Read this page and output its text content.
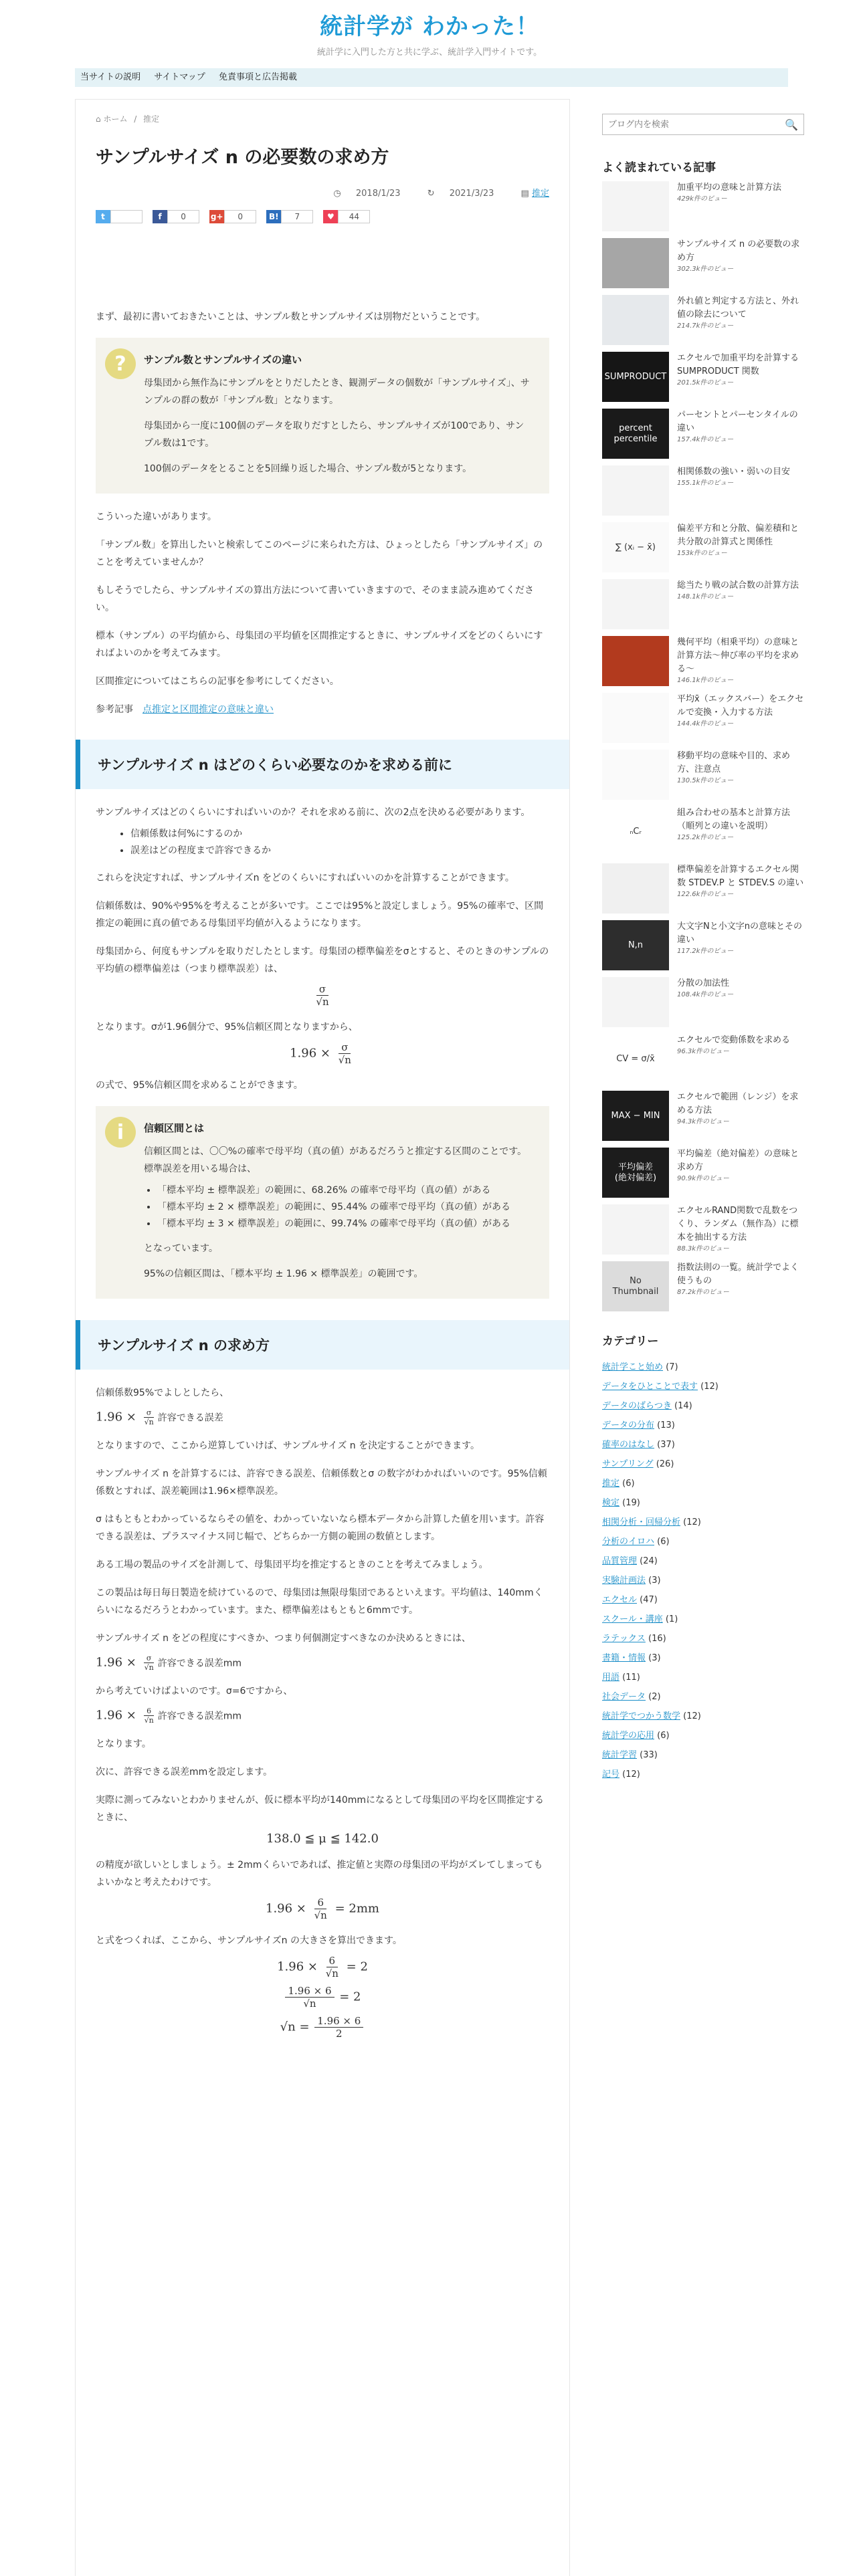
統計学が わかった！
統計学に入門した方と共に学ぶ、統計学入門サイトです。
当サイトの説明 サイトマップ 免責事項と広告掲載
⌂ ホーム / 推定
サンプルサイズ n の必要数の求め方
◷ 2018/1/23	↻ 2021/3/23	▤ 推定
t
	f	0
	g+	0
	B!	7
	♥	44

まず、最初に書いておきたいことは、サンプル数とサンプルサイズは別物だということです。

?	サンプル数とサンプルサイズの違い

母集団から無作為にサンプルをとりだしたとき、観測データの個数が「サンプルサイズ」、サンプルの群の数が「サンプル数」となります。

母集団から一度に100個のデータを取りだすとしたら、サンプルサイズが100であり、サンプル数は1です。

100個のデータをとることを5回繰り返した場合、サンプル数が5となります。

こういった違いがあります。

「サンプル数」を算出したいと検索してこのページに来られた方は、ひょっとしたら「サンプルサイズ」のことを考えていませんか？

もしそうでしたら、サンプルサイズの算出方法について書いていきますので、そのまま読み進めてください。

標本（サンプル）の平均値から、母集団の平均値を区間推定するときに、サンプルサイズをどのくらいにすればよいのかを考えてみます。

区間推定についてはこちらの記事を参考にしてください。

参考記事　 点推定と区間推定の意味と違い

サンプルサイズ n はどのくらい必要なのかを求める前に

サンプルサイズはどのくらいにすればいいのか？それを求める前に、次の2点を決める必要があります。

• 信頼係数は何%にするのか
• 誤差はどの程度まで許容できるか

これらを決定すれば、サンプルサイズn をどのくらいにすればいいのかを計算することができます。

信頼係数は、90%や95%を考えることが多いです。ここでは95%と設定しましょう。95%の確率で、区間推定の範囲に真の値である母集団平均値が入るようになります。

母集団から、何度もサンプルを取りだしたとします。母集団の標準偏差をσとすると、そのときのサンプルの平均値の標準偏差は（つまり標準誤差）は、

$\frac{\sigma}{√n}$

となります。σが1.96個分で、95%信頼区間となりますから、

$1.96 \times \frac{\sigma}{√n}$

の式で、95%信頼区間を求めることができます。

i	信頼区間とは

信頼区間とは、〇〇%の確率で母平均（真の値）があるだろうと推定する区間のことです。標準誤差を用いる場合は、

• 「標本平均 ± 標準誤差」の範囲に、68.26% の確率で母平均（真の値）がある
• 「標本平均 ± 2 × 標準誤差」の範囲に、95.44% の確率で母平均（真の値）がある
• 「標本平均 ± 3 × 標準誤差」の範囲に、99.74% の確率で母平均（真の値）がある

となっています。

95%の信頼区間は、「標本平均 ± 1.96 × 標準誤差」の範囲です。

サンプルサイズ n の求め方

信頼係数95%でよしとしたら、

$1.96 \times \frac{\sigma}{√n}$ 許容できる誤差

となりますので、ここから逆算していけば、サンプルサイズ n を決定することができます。

サンプルサイズ n を計算するには、許容できる誤差、信頼係数とσ の数字がわかればいいのです。95%信頼係数とすれば、誤差範囲は1.96×標準誤差。

σ はもともとわかっているならその値を、わかっていないなら標本データから計算した値を用います。許容できる誤差は、プラスマイナス同じ幅で、どちらか一方側の範囲の数値とします。

ある工場の製品のサイズを計測して、母集団平均を推定するときのことを考えてみましょう。

この製品は毎日毎日製造を続けているので、母集団は無限母集団であるといえます。平均値は、140mmくらいになるだろうとわかっています。また、標準偏差はもともと6mmです。

サンプルサイズ n をどの程度にすべきか、つまり何個測定すべきなのか決めるときには、

$1.96 \times \frac{\sigma}{√n}$ 許容できる誤差mm

から考えていけばよいのです。σ=6ですから、

$1.96 \times \frac{6}{√n}$ 許容できる誤差mm

となります。

次に、許容できる誤差mmを設定します。

実際に測ってみないとわかりませんが、仮に標本平均が140mmになるとして母集団の平均を区間推定するときに、

138.0 ≦ μ ≦ 142.0

の精度が欲しいとしましょう。± 2mmくらいであれば、推定値と実際の母集団の平均がズレてしまってもよいかなと考えたわけです。

$1.96 \times \frac{6}{√n} = 2mm$

と式をつくれば、ここから、サンプルサイズn の大きさを算出できます。

$1.96 \times \frac{6}{√n} = 2$
$\frac{1.96 \times 6}{√n} = 2$
$√n = \frac{1.96 \times 6}{2}$
ブログ内を検索
🔍
よく読まれている記事
加重平均の意味と計算方法
429k件のビュー
サンプルサイズ n の必要数の求め方
302.3k件のビュー
外れ値と判定する方法と、外れ値の除去について
214.7k件のビュー
SUMPRODUCT
エクセルで加重平均を計算する SUMPRODUCT 関数
201.5k件のビュー
percent
percentile
パーセントとパーセンタイルの違い
157.4k件のビュー
相関係数の強い・弱いの目安
155.1k件のビュー
∑ (xᵢ − x̄)
偏差平方和と分散、偏差積和と共分散の計算式と関係性
153k件のビュー
総当たり戦の試合数の計算方法
148.1k件のビュー
幾何平均（相乗平均）の意味と計算方法〜伸び率の平均を求める〜
146.1k件のビュー
平均x̄（エックスバー）をエクセルで変換・入力する方法
144.4k件のビュー
移動平均の意味や目的、求め方、注意点
130.5k件のビュー
ₙCᵣ
組み合わせの基本と計算方法（順列との違いを説明）
125.2k件のビュー
標準偏差を計算するエクセル関数 STDEV.P と STDEV.S の違い
122.6k件のビュー
N,n
大文字Nと小文字nの意味とその違い
117.2k件のビュー
分散の加法性
108.4k件のビュー
CV = σ/x̄
エクセルで変動係数を求める
96.3k件のビュー
MAX − MIN
エクセルで範囲（レンジ）を求める方法
94.3k件のビュー
平均偏差
(絶対偏差)
平均偏差（絶対偏差）の意味と求め方
90.9k件のビュー
エクセルRAND関数で乱数をつくり、ランダム（無作為）に標本を抽出する方法
88.3k件のビュー
No
Thumbnail
指数法則の一覧。統計学でよく使うもの
87.2k件のビュー
カテゴリー
統計学こと始め (7)
データをひとことで表す (12)
データのばらつき (14)
データの分布 (13)
確率のはなし (37)
サンプリング (26)
推定 (6)
検定 (19)
相関分析・回帰分析 (12)
分析のイロハ (6)
品質管理 (24)
実験計画法 (3)
エクセル (47)
スクール・講座 (1)
ラテックス (16)
書籍・情報 (3)
用語 (11)
社会データ (2)
統計学でつかう数学 (12)
統計学の応用 (6)
統計学習 (33)
記号 (12)
